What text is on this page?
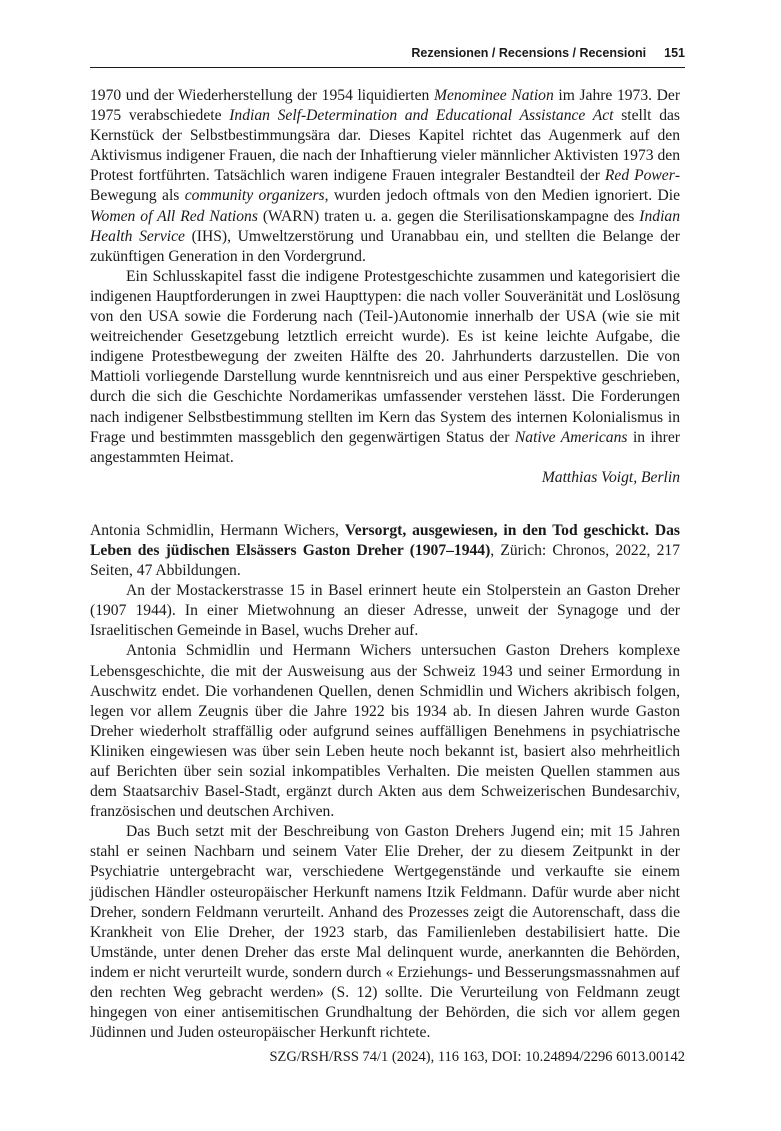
Rezensionen / Recensions / Recensioni 151

1970 und der Wiederherstellung der 1954 liquidierten Menominee Nation im Jahre 1973. Der 1975 verabschiedete Indian Self-Determination and Educational Assistance Act stellt das Kernstück der Selbstbestimmungsära dar. Dieses Kapitel richtet das Augenmerk auf den Aktivismus indigener Frauen, die nach der Inhaftierung vieler männlicher Aktivisten 1973 den Protest fortführten. Tatsächlich waren indigene Frauen integraler Bestandteil der Red Power-Bewegung als community organizers, wurden jedoch oftmals von den Medien ignoriert. Die Women of All Red Nations (WARN) traten u. a. gegen die Sterilisationskampagne des Indian Health Service (IHS), Umweltzerstörung und Uranabbau ein, und stellten die Belange der zukünftigen Generation in den Vordergrund.

Ein Schlusskapitel fasst die indigene Protestgeschichte zusammen und kategorisiert die indigenen Hauptforderungen in zwei Haupttypen: die nach voller Souveränität und Loslösung von den USA sowie die Forderung nach (Teil-)Autonomie innerhalb der USA (wie sie mit weitreichender Gesetzgebung letztlich erreicht wurde). Es ist keine leichte Aufgabe, die indigene Protestbewegung der zweiten Hälfte des 20. Jahrhunderts darzustellen. Die von Mattioli vorliegende Darstellung wurde kenntnisreich und aus einer Perspektive geschrieben, durch die sich die Geschichte Nordamerikas umfassender verstehen lässt. Die Forderungen nach indigener Selbstbestimmung stellten im Kern das System des internen Kolonialismus in Frage und bestimmten massgeblich den gegenwärtigen Status der Native Americans in ihrer angestammten Heimat.

Matthias Voigt, Berlin

Antonia Schmidlin, Hermann Wichers, Versorgt, ausgewiesen, in den Tod geschickt. Das Leben des jüdischen Elsässers Gaston Dreher (1907–1944), Zürich: Chronos, 2022, 217 Seiten, 47 Abbildungen.

An der Mostackerstrasse 15 in Basel erinnert heute ein Stolperstein an Gaston Dreher (1907 1944). In einer Mietwohnung an dieser Adresse, unweit der Synagoge und der Israelitischen Gemeinde in Basel, wuchs Dreher auf.

Antonia Schmidlin und Hermann Wichers untersuchen Gaston Drehers komplexe Lebensgeschichte, die mit der Ausweisung aus der Schweiz 1943 und seiner Ermordung in Auschwitz endet. Die vorhandenen Quellen, denen Schmidlin und Wichers akribisch folgen, legen vor allem Zeugnis über die Jahre 1922 bis 1934 ab. In diesen Jahren wurde Gaston Dreher wiederholt straffällig oder aufgrund seines auffälligen Benehmens in psychiatrische Kliniken eingewiesen was über sein Leben heute noch bekannt ist, basiert also mehrheitlich auf Berichten über sein sozial inkompatibles Verhalten. Die meisten Quellen stammen aus dem Staatsarchiv Basel-Stadt, ergänzt durch Akten aus dem Schweizerischen Bundesarchiv, französischen und deutschen Archiven.

Das Buch setzt mit der Beschreibung von Gaston Drehers Jugend ein; mit 15 Jahren stahl er seinen Nachbarn und seinem Vater Elie Dreher, der zu diesem Zeitpunkt in der Psychiatrie untergebracht war, verschiedene Wertgegenstände und verkaufte sie einem jüdischen Händler osteuropäischer Herkunft namens Itzik Feldmann. Dafür wurde aber nicht Dreher, sondern Feldmann verurteilt. Anhand des Prozesses zeigt die Autorenschaft, dass die Krankheit von Elie Dreher, der 1923 starb, das Familienleben destabilisiert hatte. Die Umstände, unter denen Dreher das erste Mal delinquent wurde, anerkannten die Behörden, indem er nicht verurteilt wurde, sondern durch « Erziehungs- und Besserungsmassnahmen auf den rechten Weg gebracht werden» (S. 12) sollte. Die Verurteilung von Feldmann zeugt hingegen von einer antisemitischen Grundhaltung der Behörden, die sich vor allem gegen Jüdinnen und Juden osteuropäischer Herkunft richtete.

SZG/RSH/RSS 74/1 (2024), 116 163, DOI: 10.24894/2296 6013.00142
